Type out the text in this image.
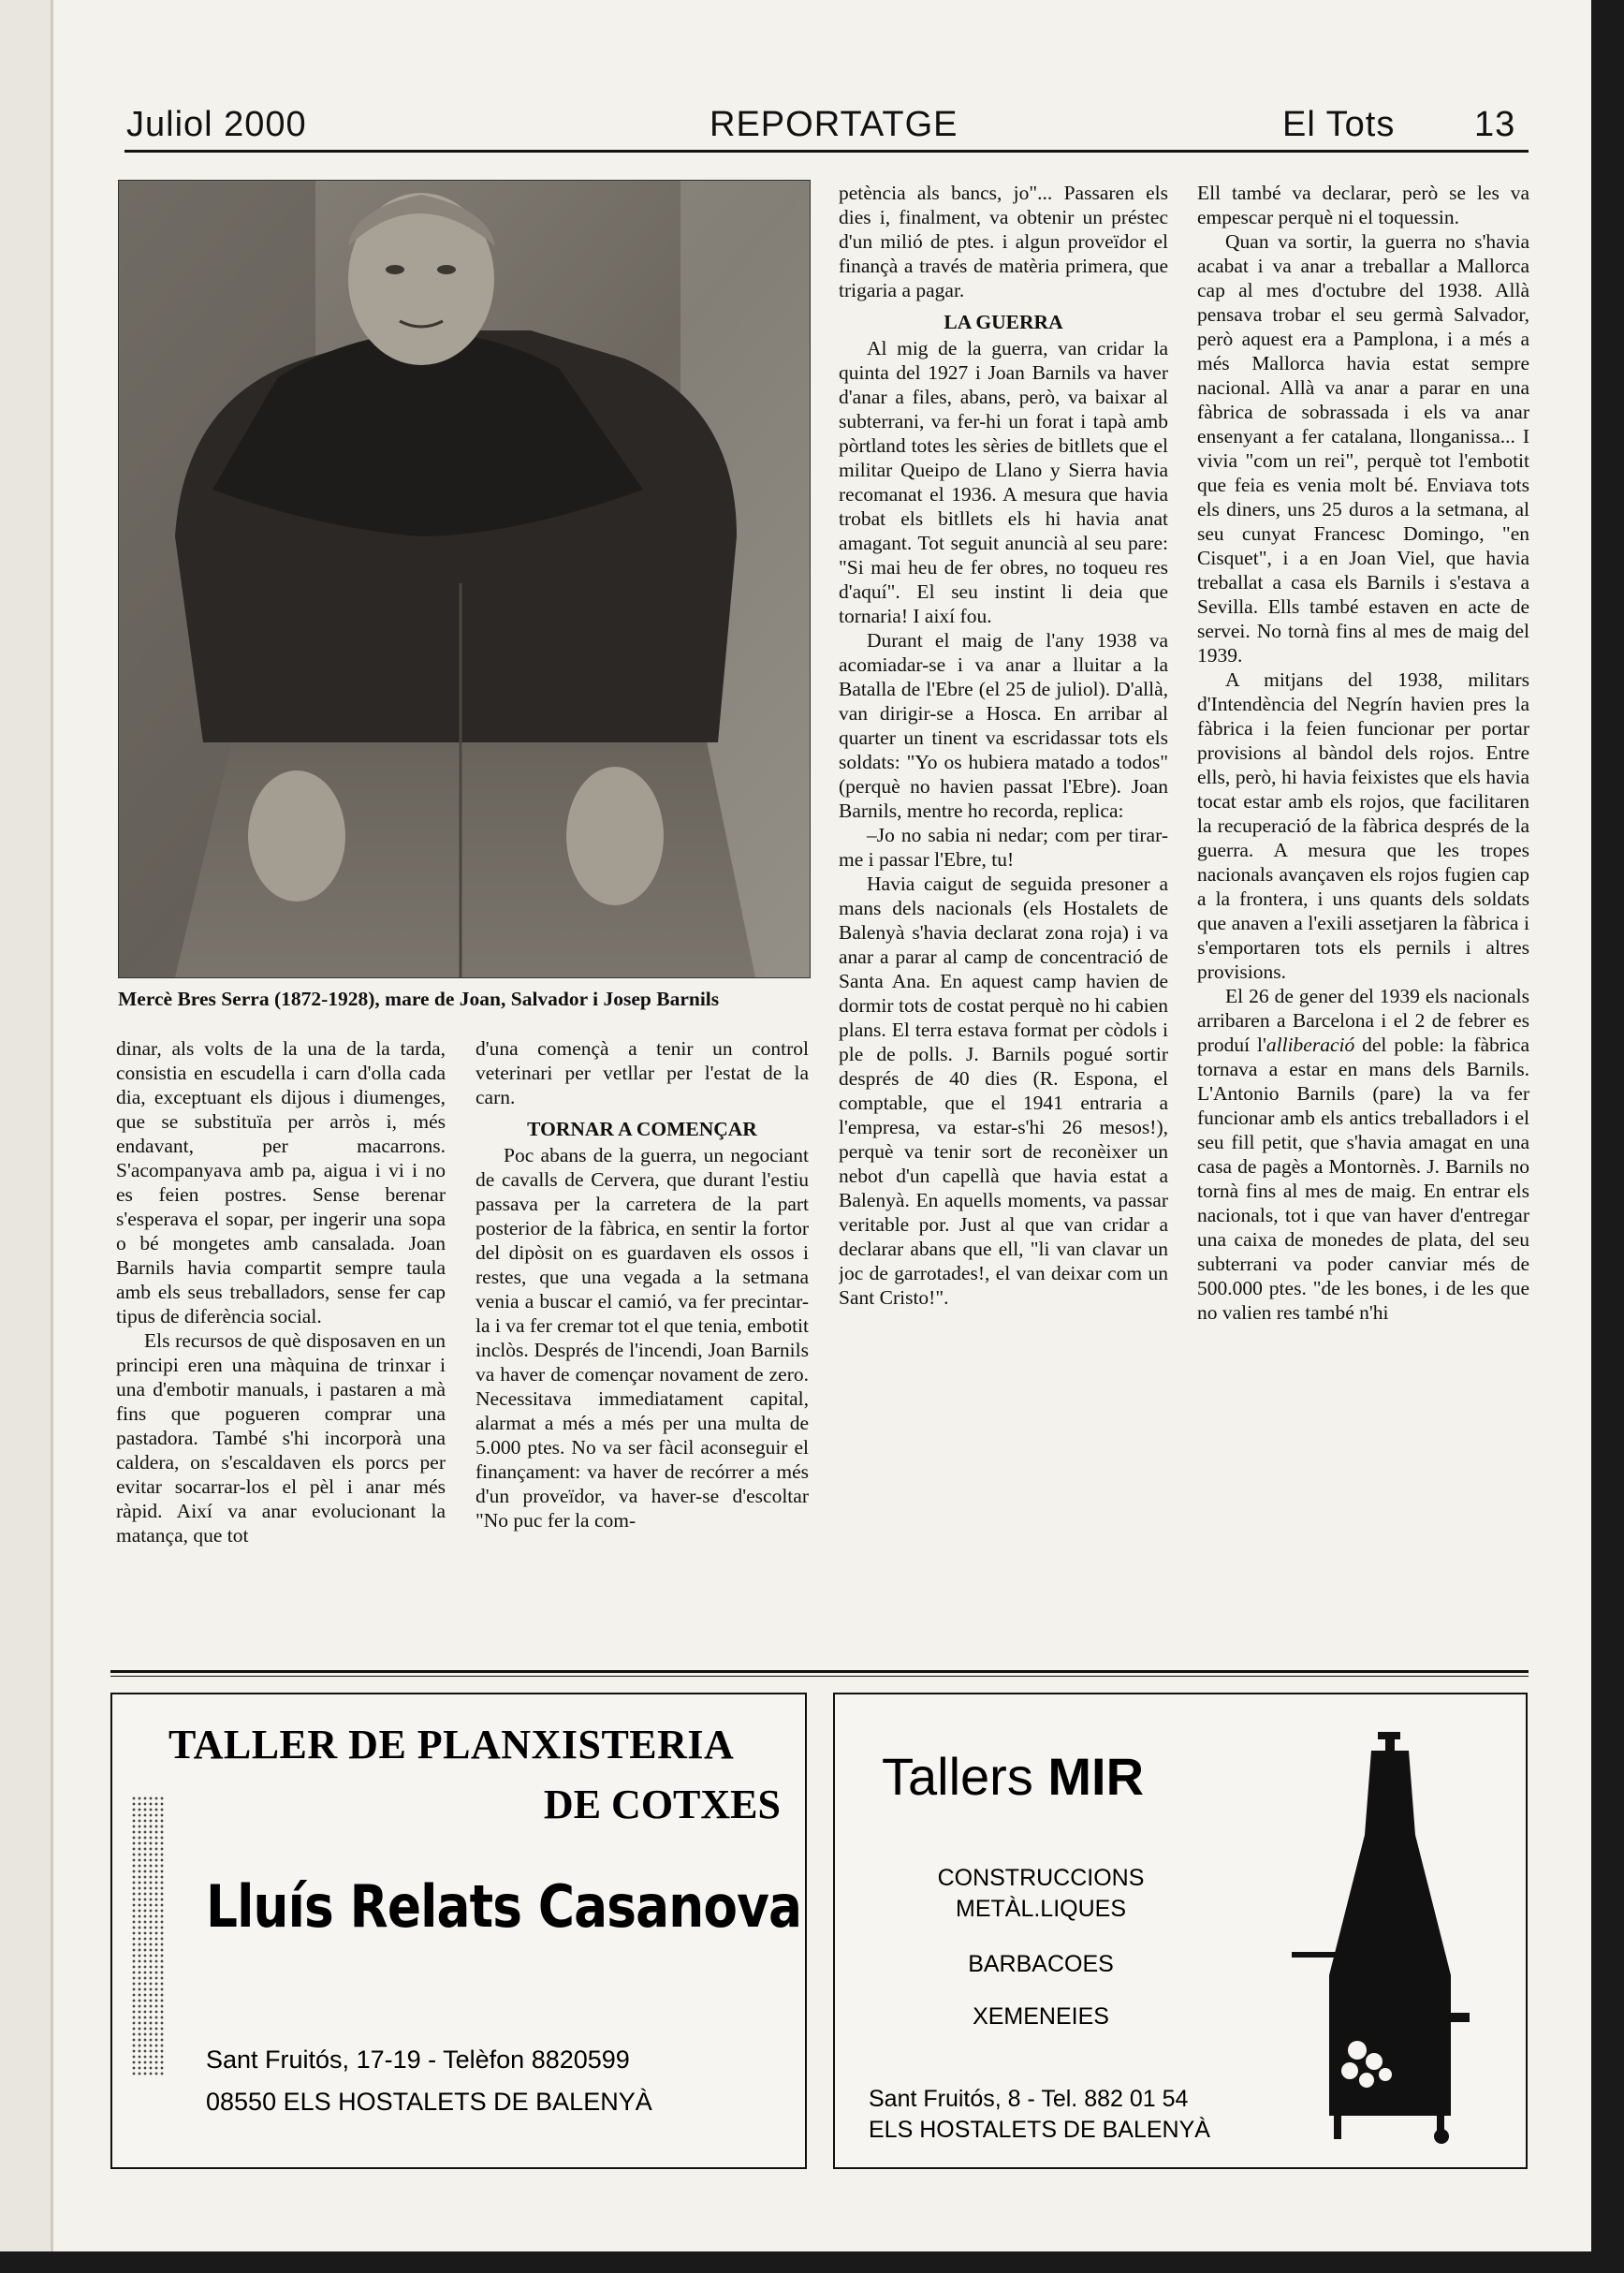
Juliol 2000	REPORTATGE	El Tots 13
Mercè Bres Serra (1872-1928), mare de Joan, Salvador i Josep Barnils

dinar, als volts de la una de la tarda, consistia en escudella i carn d'olla cada dia, exceptuant els dijous i diumenges, que se substituïa per arròs i, més endavant, per macarrons. S'acompanyava amb pa, aigua i vi i no es feien postres. Sense berenar s'esperava el sopar, per ingerir una sopa o bé mongetes amb cansalada. Joan Barnils havia compartit sempre taula amb els seus treballadors, sense fer cap tipus de diferència social.

Els recursos de què disposaven en un principi eren una màquina de trinxar i una d'embotir manuals, i pastaren a mà fins que pogueren comprar una pastadora. També s'hi incorporà una caldera, on s'escaldaven els porcs per evitar socarrar-los el pèl i anar més ràpid. Així va anar evolucionant la matança, que tot

d'una començà a tenir un control veterinari per vetllar per l'estat de la carn.

TORNAR A COMENÇAR

Poc abans de la guerra, un negociant de cavalls de Cervera, que durant l'estiu passava per la carretera de la part posterior de la fàbrica, en sentir la fortor del dipòsit on es guardaven els ossos i restes, que una vegada a la setmana venia a buscar el camió, va fer precintar-la i va fer cremar tot el que tenia, embotit inclòs. Després de l'incendi, Joan Barnils va haver de començar novament de zero. Necessitava immediatament capital, alarmat a més a més per una multa de 5.000 ptes. No va ser fàcil aconseguir el finançament: va haver de recórrer a més d'un proveïdor, va haver-se d'escoltar "No puc fer la com-

petència als bancs, jo"... Passaren els dies i, finalment, va obtenir un préstec d'un milió de ptes. i algun proveïdor el finançà a través de matèria primera, que trigaria a pagar.

LA GUERRA

Al mig de la guerra, van cridar la quinta del 1927 i Joan Barnils va haver d'anar a files, abans, però, va baixar al subterrani, va fer-hi un forat i tapà amb pòrtland totes les sèries de bitllets que el militar Queipo de Llano y Sierra havia recomanat el 1936. A mesura que havia trobat els bitllets els hi havia anat amagant. Tot seguit anuncià al seu pare: "Si mai heu de fer obres, no toqueu res d'aquí". El seu instint li deia que tornaria! I així fou.

Durant el maig de l'any 1938 va acomiadar-se i va anar a lluitar a la Batalla de l'Ebre (el 25 de juliol). D'allà, van dirigir-se a Hosca. En arribar al quarter un tinent va escridassar tots els soldats: "Yo os hubiera matado a todos" (perquè no havien passat l'Ebre). Joan Barnils, mentre ho recorda, replica:

–Jo no sabia ni nedar; com per tirar-me i passar l'Ebre, tu!

Havia caigut de seguida presoner a mans dels nacionals (els Hostalets de Balenyà s'havia declarat zona roja) i va anar a parar al camp de concentració de Santa Ana. En aquest camp havien de dormir tots de costat perquè no hi cabien plans. El terra estava format per còdols i ple de polls. J. Barnils pogué sortir després de 40 dies (R. Espona, el comptable, que el 1941 entraria a l'empresa, va estar-s'hi 26 mesos!), perquè va tenir sort de reconèixer un nebot d'un capellà que havia estat a Balenyà. En aquells moments, va passar veritable por. Just al que van cridar a declarar abans que ell, "li van clavar un joc de garrotades!, el van deixar com un Sant Cristo!".

Ell també va declarar, però se les va empescar perquè ni el toquessin.

Quan va sortir, la guerra no s'havia acabat i va anar a treballar a Mallorca cap al mes d'octubre del 1938. Allà pensava trobar el seu germà Salvador, però aquest era a Pamplona, i a més a més Mallorca havia estat sempre nacional. Allà va anar a parar en una fàbrica de sobrassada i els va anar ensenyant a fer catalana, llonganissa... I vivia "com un rei", perquè tot l'embotit que feia es venia molt bé. Enviava tots els diners, uns 25 duros a la setmana, al seu cunyat Francesc Domingo, "en Cisquet", i a en Joan Viel, que havia treballat a casa els Barnils i s'estava a Sevilla. Ells també estaven en acte de servei. No tornà fins al mes de maig del 1939.

A mitjans del 1938, militars d'Intendència del Negrín havien pres la fàbrica i la feien funcionar per portar provisions al bàndol dels rojos. Entre ells, però, hi havia feixistes que els havia tocat estar amb els rojos, que facilitaren la recuperació de la fàbrica després de la guerra. A mesura que les tropes nacionals avançaven els rojos fugien cap a la frontera, i uns quants dels soldats que anaven a l'exili assetjaren la fàbrica i s'emportaren tots els pernils i altres provisions.

El 26 de gener del 1939 els nacionals arribaren a Barcelona i el 2 de febrer es produí l'alliberació del poble: la fàbrica tornava a estar en mans dels Barnils. L'Antonio Barnils (pare) la va fer funcionar amb els antics treballadors i el seu fill petit, que s'havia amagat en una casa de pagès a Montornès. J. Barnils no tornà fins al mes de maig. En entrar els nacionals, tot i que van haver d'entregar una caixa de monedes de plata, del seu subterrani va poder canviar més de 500.000 ptes. "de les bones, i de les que no valien res també n'hi

TALLER DE PLANXISTERIA
DE COTXES
Lluís Relats Casanova
Sant Fruitós, 17-19 - Telèfon 8820599
08550 ELS HOSTALETS DE BALENYÀ
Tallers MIR
CONSTRUCCIONS
METÀL.LIQUES
BARBACOES
XEMENEIES
Sant Fruitós, 8 - Tel. 882 01 54
ELS HOSTALETS DE BALENYÀ
